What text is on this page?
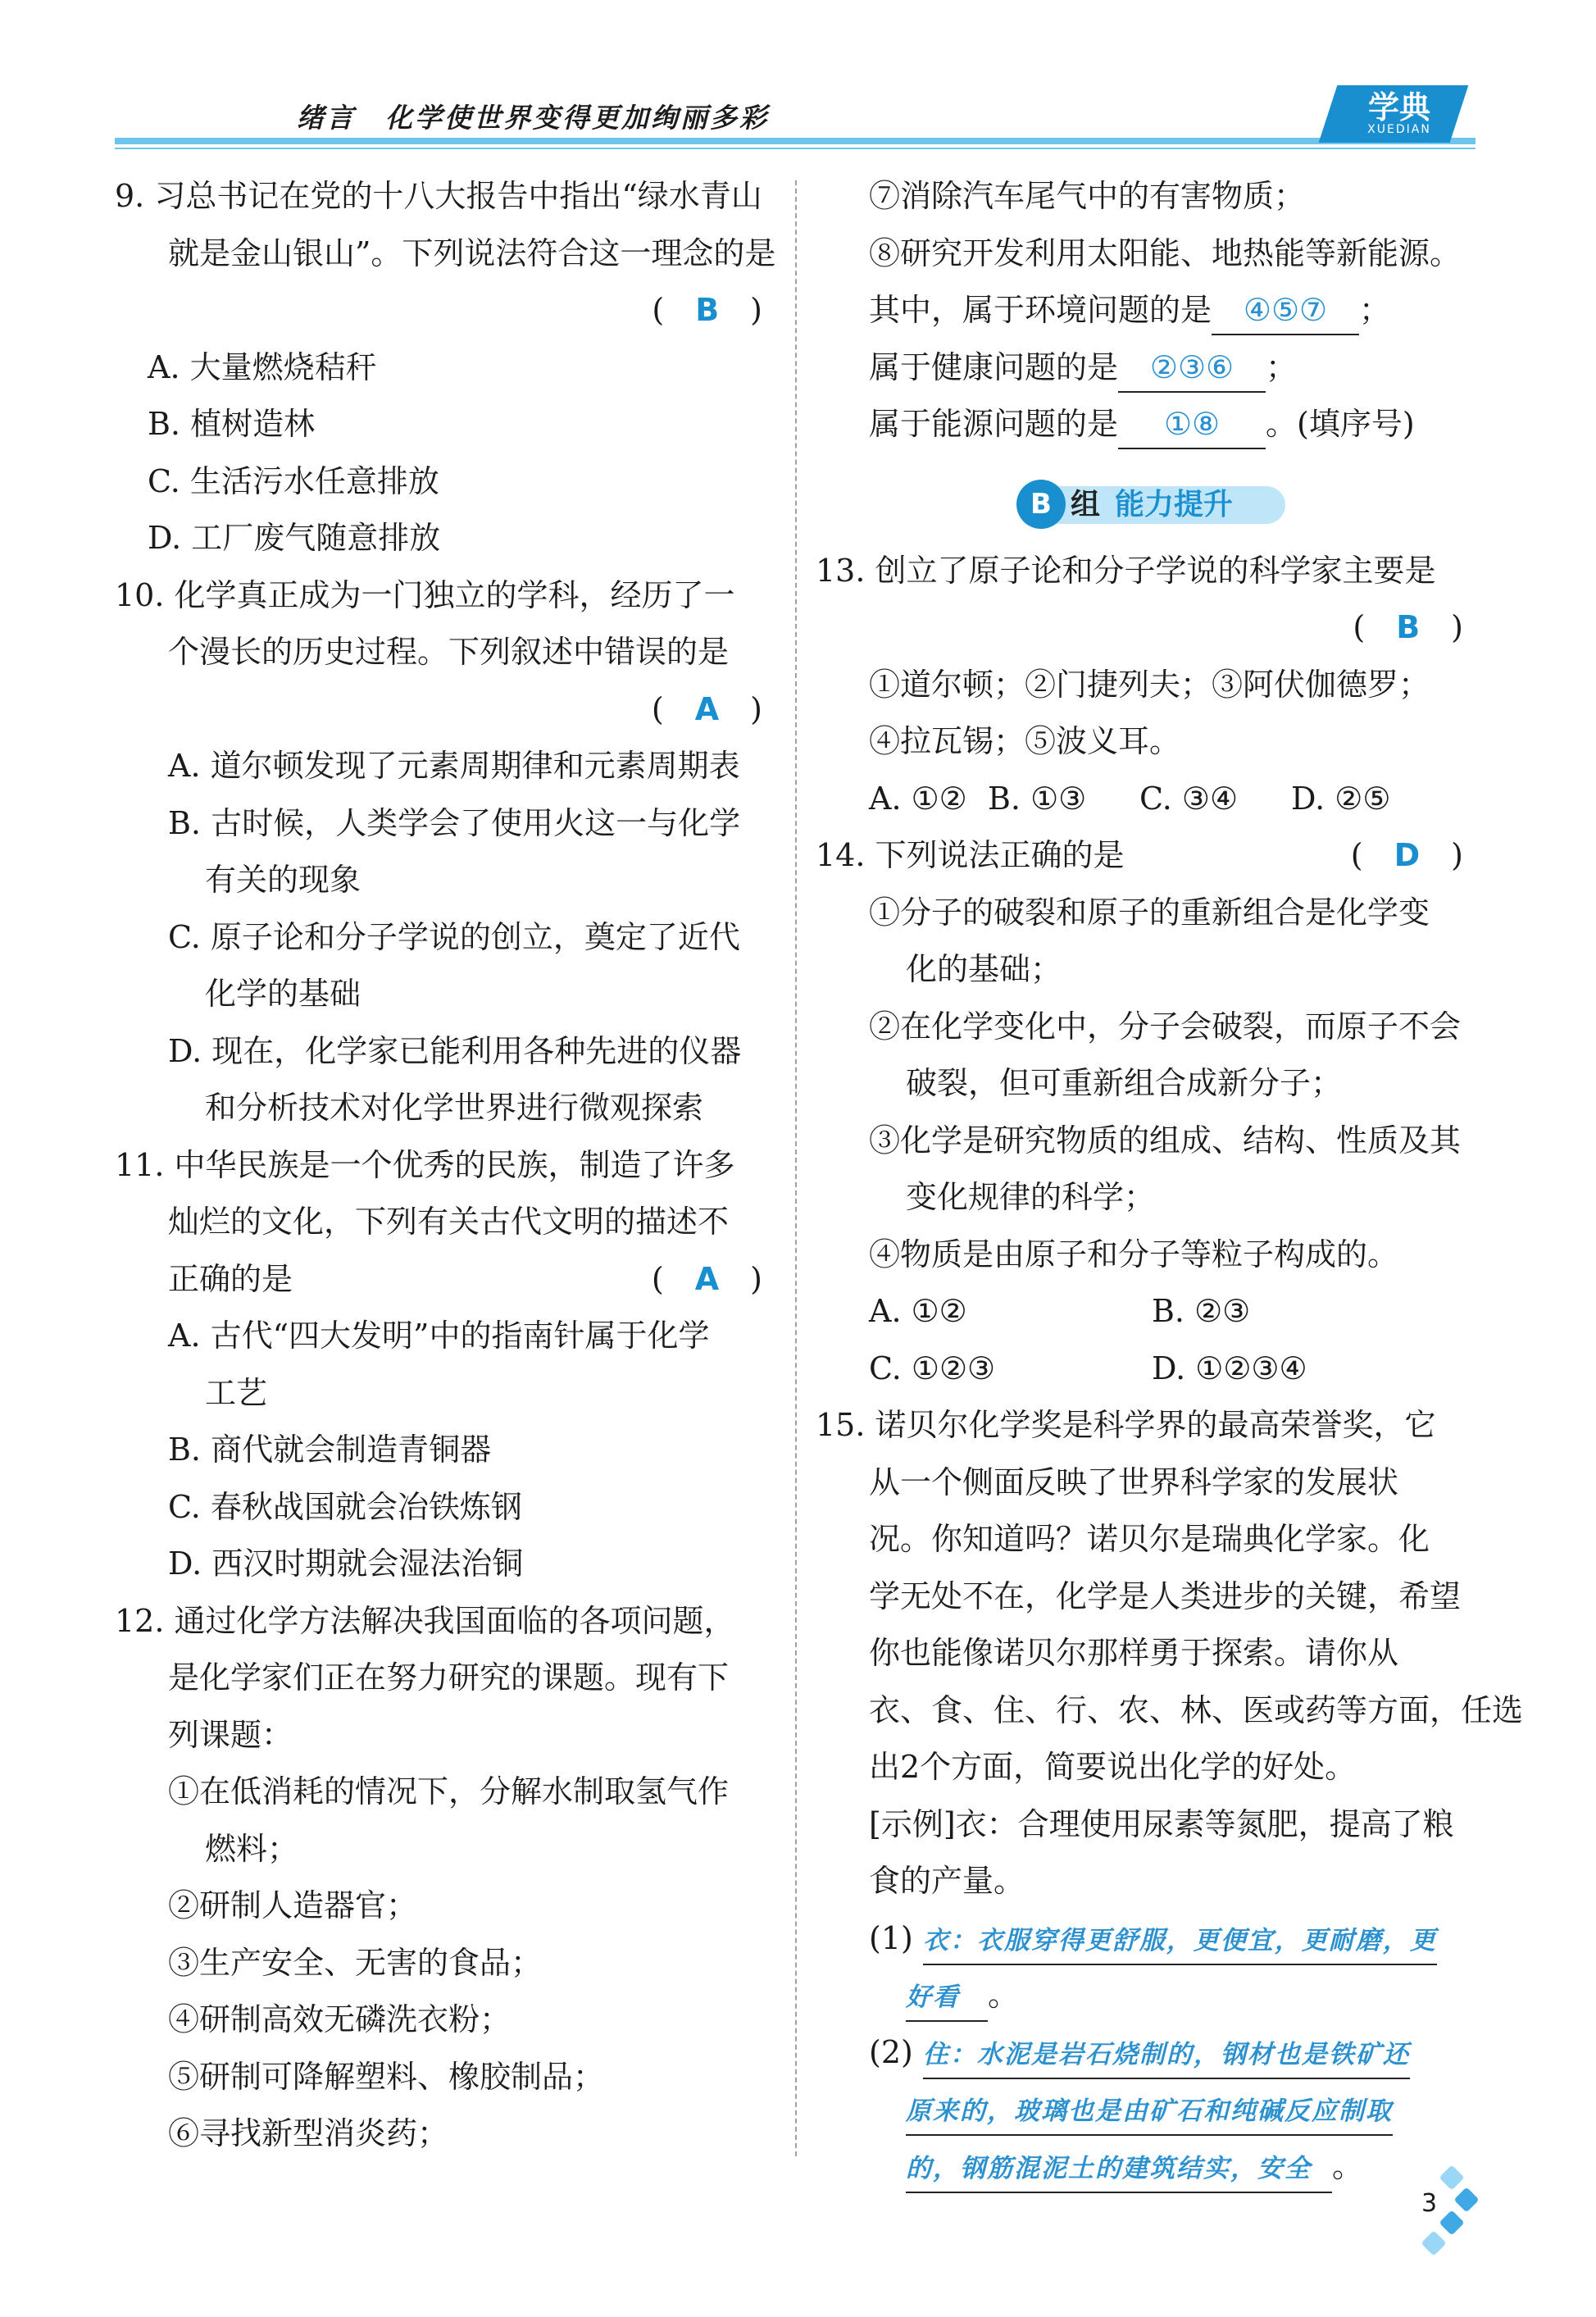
绪言　化学使世界变得更加绚丽多彩	学典
XUEDIAN
9. 习总书记在党的十八大报告中指出“绿水青山
就是金山银山”。下列说法符合这一理念的是
(　B　)
A. 大量燃烧秸秆
B. 植树造林
C. 生活污水任意排放
D. 工厂废气随意排放
10. 化学真正成为一门独立的学科，经历了一
个漫长的历史过程。下列叙述中错误的是
(　A　)
A. 道尔顿发现了元素周期律和元素周期表
B. 古时候，人类学会了使用火这一与化学
有关的现象
C. 原子论和分子学说的创立，奠定了近代
化学的基础
D. 现在，化学家已能利用各种先进的仪器
和分析技术对化学世界进行微观探索
11. 中华民族是一个优秀的民族，制造了许多
灿烂的文化，下列有关古代文明的描述不
正确的是	(　A　)
A. 古代“四大发明”中的指南针属于化学
工艺
B. 商代就会制造青铜器
C. 春秋战国就会冶铁炼钢
D. 西汉时期就会湿法治铜
12. 通过化学方法解决我国面临的各项问题，
是化学家们正在努力研究的课题。现有下
列课题：
①在低消耗的情况下，分解水制取氢气作
燃料；
②研制人造器官；
③生产安全、无害的食品；
④研制高效无磷洗衣粉；
⑤研制可降解塑料、橡胶制品；
⑥寻找新型消炎药；
⑦消除汽车尾气中的有害物质；
⑧研究开发利用太阳能、地热能等新能源。
其中，属于环境问题的是 ④⑤⑦ ；
属于健康问题的是 ②③⑥ ；
属于能源问题的是 ①⑧ 。(填序号)
13. 创立了原子论和分子学说的科学家主要是
(　B　)
①道尔顿；②门捷列夫；③阿伏伽德罗；
④拉瓦锡；⑤波义耳。
A. ①② B. ①③ C. ③④ D. ②⑤
14. 下列说法正确的是	(　D　)
①分子的破裂和原子的重新组合是化学变
化的基础；
②在化学变化中，分子会破裂，而原子不会
破裂，但可重新组合成新分子；
③化学是研究物质的组成、结构、性质及其
变化规律的科学；
④物质是由原子和分子等粒子构成的。
A. ①②	B. ②③
C. ①②③	D. ①②③④
15. 诺贝尔化学奖是科学界的最高荣誉奖，它
从一个侧面反映了世界科学家的发展状
况。你知道吗？诺贝尔是瑞典化学家。化
学无处不在，化学是人类进步的关键，希望
你也能像诺贝尔那样勇于探索。请你从
衣、食、住、行、农、林、医或药等方面，任选
出2个方面，简要说出化学的好处。
[示例]衣：合理使用尿素等氮肥，提高了粮
食的产量。
(1) 衣：衣服穿得更舒服，更便宜，更耐磨，更
好看 。
(2) 住：水泥是岩石烧制的，钢材也是铁矿还
原来的，玻璃也是由矿石和纯碱反应制取
的，钢筋混泥土的建筑结实，安全 。
B 组 能力提升
3
